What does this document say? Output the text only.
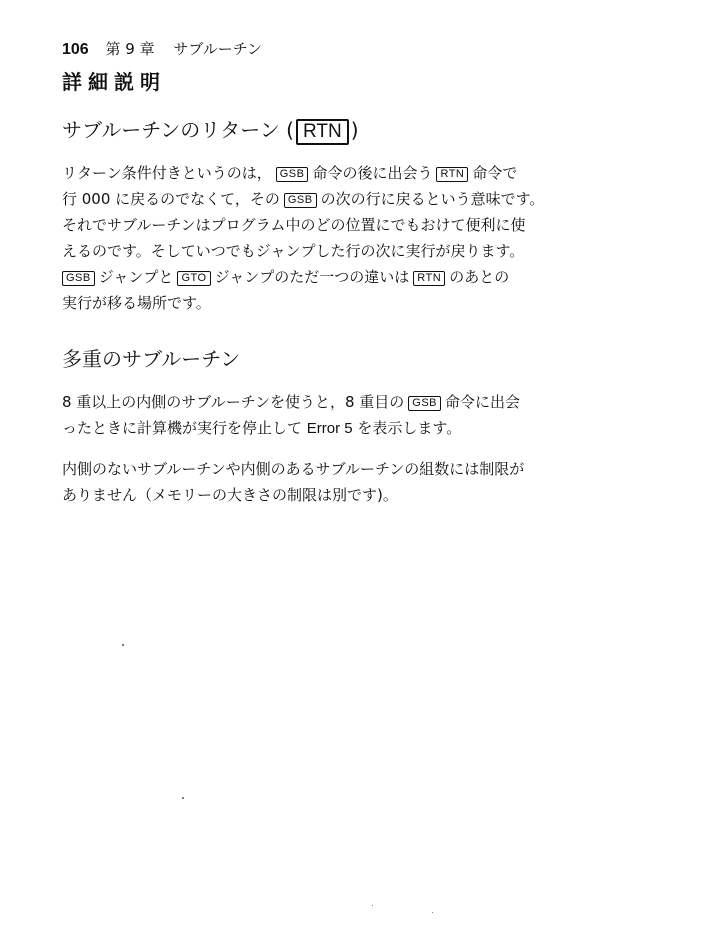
106 第 9 章 サブルーチン
詳細説明
サブルーチンのリターン ( RTN )
リターン条件付きというのは， GSB 命令の後に出会う RTN 命令で
行 000 に戻るのでなくて，その GSB の次の行に戻るという意味です。
それでサブルーチンはプログラム中のどの位置にでもおけて便利に使
えるのです。そしていつでもジャンプした行の次に実行が戻ります。
GSB ジャンプと GTO ジャンプのただ一つの違いは RTN のあとの
実行が移る場所です。
多重のサブルーチン
8 重以上の内側のサブルーチンを使うと，8 重目の GSB 命令に出会
ったときに計算機が実行を停止して Error 5 を表示します。
内側のないサブルーチンや内側のあるサブルーチンの組数には制限が
ありません（メモリーの大きさの制限は別です)。
